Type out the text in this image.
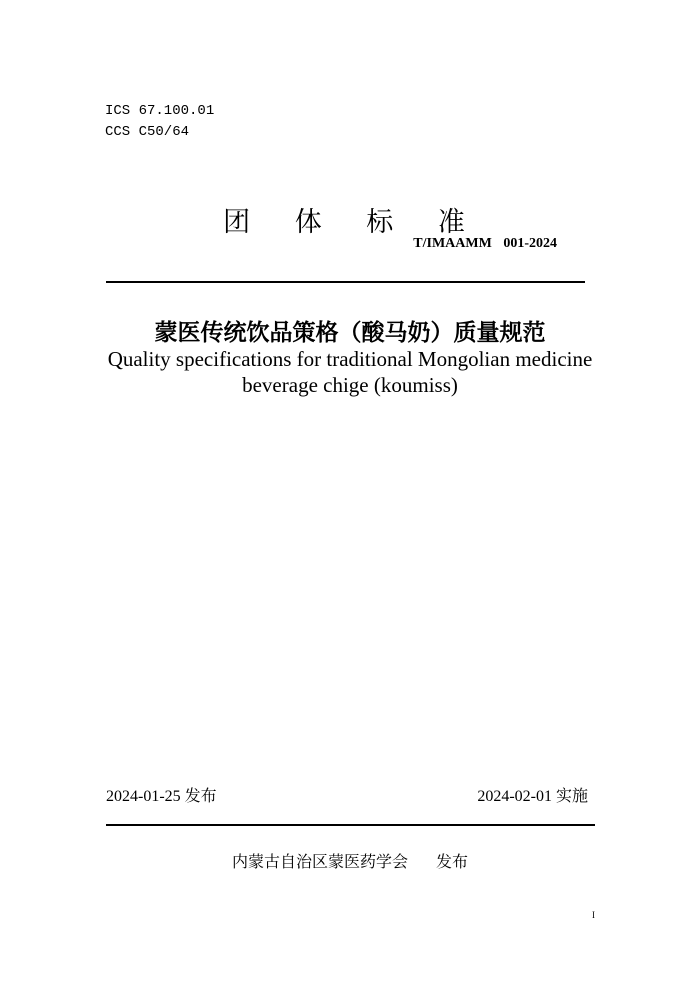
ICS 67.100.01
CCS C50/64
团 体 标 准
T/IMAAMM 001-2024
蒙医传统饮品策格（酸马奶）质量规范
Quality specifications for traditional Mongolian medicine
beverage chige (koumiss)
2024-01-25 发布	2024-02-01 实施
内蒙古自治区蒙医药学会 发布
I
